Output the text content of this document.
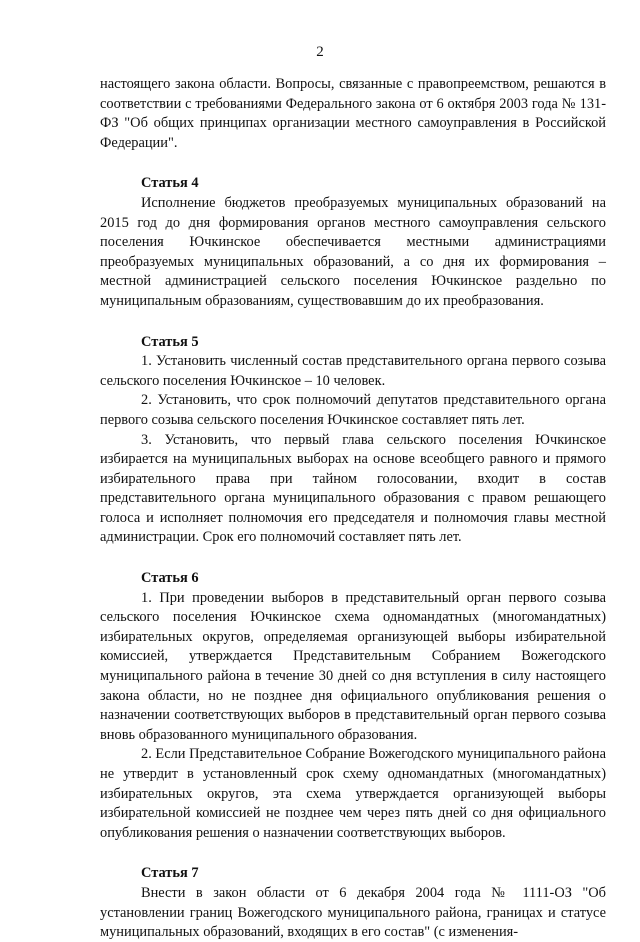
2

настоящего закона области. Вопросы, связанные с правопреемством, решаются в соответствии с требованиями Федерального закона от 6 октября 2003 года № 131-ФЗ "Об общих принципах организации местного самоуправления в Российской Федерации".

Статья 4

Исполнение бюджетов преобразуемых муниципальных образований на 2015 год до дня формирования органов местного самоуправления сельского поселения Ючкинское обеспечивается местными администрациями преобразуемых муниципальных образований, а со дня их формирования – местной администрацией сельского поселения Ючкинское раздельно по муниципальным образованиям, существовавшим до их преобразования.

Статья 5

1. Установить численный состав представительного органа первого созыва сельского поселения Ючкинское – 10 человек.

2. Установить, что срок полномочий депутатов представительного органа первого созыва сельского поселения Ючкинское составляет пять лет.

3. Установить, что первый глава сельского поселения Ючкинское избирается на муниципальных выборах на основе всеобщего равного и прямого избирательного права при тайном голосовании, входит в состав представительного органа муниципального образования с правом решающего голоса и исполняет полномочия его председателя и полномочия главы местной администрации. Срок его полномочий составляет пять лет.

Статья 6

1. При проведении выборов в представительный орган первого созыва сельского поселения Ючкинское схема одномандатных (многомандатных) избирательных округов, определяемая организующей выборы избирательной комиссией, утверждается Представительным Собранием Вожегодского муниципального района в течение 30 дней со дня вступления в силу настоящего закона области, но не позднее дня официального опубликования решения о назначении соответствующих выборов в представительный орган первого созыва вновь образованного муниципального образования.

2. Если Представительное Собрание Вожегодского муниципального района не утвердит в установленный срок схему одномандатных (многомандатных) избирательных округов, эта схема утверждается организующей выборы избирательной комиссией не позднее чем через пять дней со дня официального опубликования решения о назначении соответствующих выборов.

Статья 7

Внести в закон области от 6 декабря 2004 года № 1111-ОЗ "Об установлении границ Вожегодского муниципального района, границах и статусе муниципальных образований, входящих в его состав" (с изменения-
